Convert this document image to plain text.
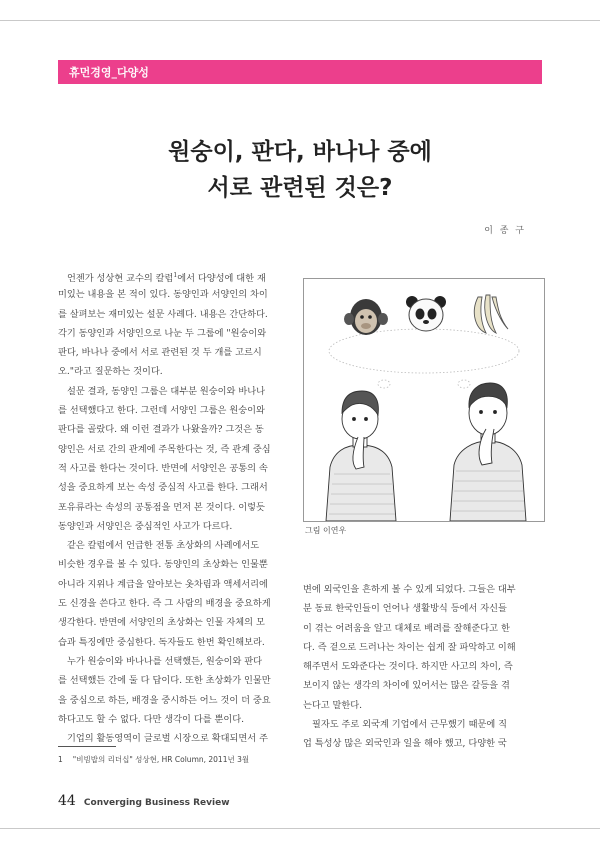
휴먼경영_다양성
원숭이, 판다, 바나나 중에
서로 관련된 것은?
이 종 구
언젠가 성상현 교수의 칼럼$^1$에서 다양성에 대한 재
미있는 내용을 본 적이 있다. 동양인과 서양인의 차이
를 살펴보는 재미있는 설문 사례다. 내용은 간단하다.
각기 동양인과 서양인으로 나눈 두 그룹에 "원숭이와
판다, 바나나 중에서 서로 관련된 것 두 개를 고르시
오."라고 질문하는 것이다.
설문 결과, 동양인 그룹은 대부분 원숭이와 바나나
를 선택했다고 한다. 그런데 서양인 그룹은 원숭이와
판다를 골랐다. 왜 이런 결과가 나왔을까? 그것은 동
양인은 서로 간의 관계에 주목한다는 것, 즉 관계 중심
적 사고를 한다는 것이다. 반면에 서양인은 공통의 속
성을 중요하게 보는 속성 중심적 사고를 한다. 그래서
포유류라는 속성의 공통점을 먼저 본 것이다. 이렇듯
동양인과 서양인은 중심적인 사고가 다르다.
같은 칼럼에서 언급한 전통 초상화의 사례에서도
비슷한 경우를 볼 수 있다. 동양인의 초상화는 인물뿐
아니라 지위나 계급을 알아보는 옷차림과 액세서리에
도 신경을 쓴다고 한다. 즉 그 사람의 배경을 중요하게
생각한다. 반면에 서양인의 초상화는 인물 자체의 모
습과 특징에만 중심한다. 독자들도 한번 확인해보라.
누가 원숭이와 바나나를 선택했든, 원숭이와 판다
를 선택했든 간에 둘 다 답이다. 또한 초상화가 인물만
을 중심으로 하든, 배경을 중시하든 어느 것이 더 중요
하다고도 할 수 없다. 다만 생각이 다를 뿐이다.
기업의 활동영역이 글로벌 시장으로 확대되면서 주
그림 이연우
변에 외국인을 흔하게 볼 수 있게 되었다. 그들은 대부
분 동료 한국인들이 언어나 생활방식 등에서 자신들
이 겪는 어려움을 알고 대체로 배려를 잘해준다고 한
다. 즉 겉으로 드러나는 차이는 쉽게 잘 파악하고 이해
해주면서 도와준다는 것이다. 하지만 사고의 차이, 즉
보이지 않는 생각의 차이에 있어서는 많은 갈등을 겪
는다고 말한다.
필자도 주로 외국계 기업에서 근무했기 때문에 직
업 특성상 많은 외국인과 일을 해야 했고, 다양한 국
1 "비빔밥의 리더십" 성상현, HR Column, 2011년 3월
44 Converging Business Review
